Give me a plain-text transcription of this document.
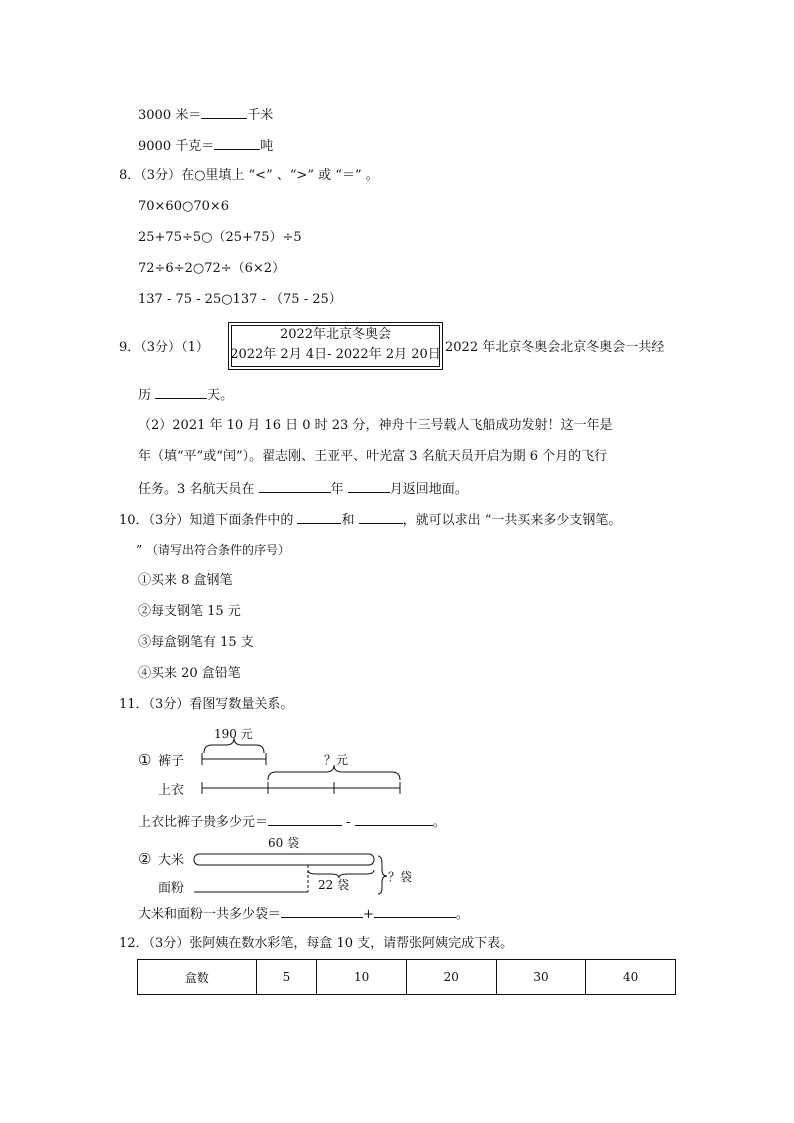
3000 米＝	千米
9000 千克＝	吨
8．（3分）在○里填上 “<” 、“>” 或 “＝” 。
70×60○70×6
25+75÷5○（25+75）÷5
72÷6÷2○72÷（6×2）
137 - 75 - 25○137 - （75 - 25）
9．（3分）（1）
2022年北京冬奥会
2022年 2月 4日- 2022年 2月 20日 2022 年北京冬奥会北京冬奥会一共经
历	天。
（2）2021 年 10 月 16 日 0 时 23 分，神舟十三号载人飞船成功发射！这一年是
年（填“平”或“闰”）。翟志刚、王亚平、叶光富 3 名航天员开启为期 6 个月的飞行
任务。3 名航天员在	年	月返回地面。
10．（3分）知道下面条件中的	和	，就可以求出 “一共买来多少支钢笔。
” （请写出符合条件的序号）
①买来 8 盒钢笔
②每支钢笔 15 元
③每盒钢笔有 15 支
④买来 20 盒铅笔
11．（3分）看图写数量关系。
① 裤子
上衣
190 元
？元
上衣比裤子贵多少元＝	-	。
② 大米
面粉
60 袋
22 袋
？袋
大米和面粉一共多少袋＝	+	。
12．（3分）张阿姨在数水彩笔，每盒 10 支，请帮张阿姨完成下表。
盒数	5	10	20	30	40
